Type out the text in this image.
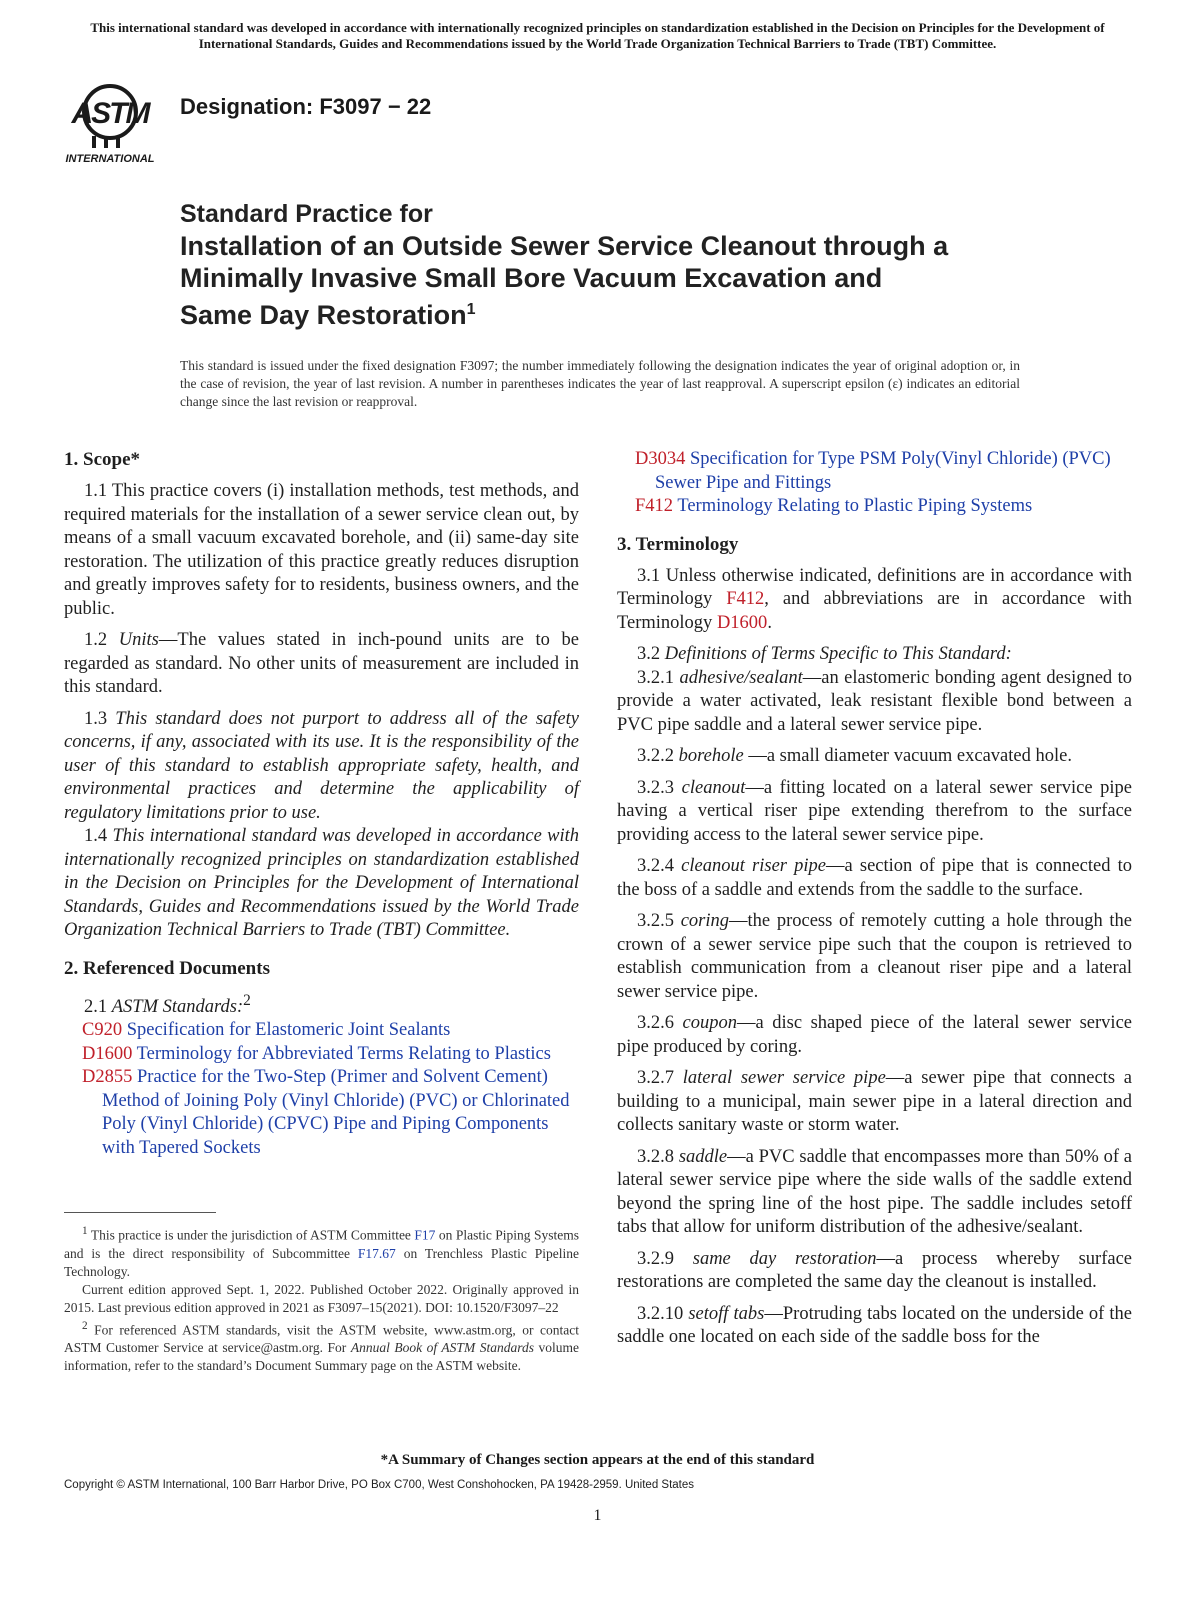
This international standard was developed in accordance with internationally recognized principles on standardization established in the Decision on Principles for the Development of International Standards, Guides and Recommendations issued by the World Trade Organization Technical Barriers to Trade (TBT) Committee.
ASTM
INTERNATIONAL
Designation: F3097 − 22
Standard Practice for
Installation of an Outside Sewer Service Cleanout through a
Minimally Invasive Small Bore Vacuum Excavation and
Same Day Restoration$^1$

This standard is issued under the fixed designation F3097; the number immediately following the designation indicates the year of original adoption or, in the case of revision, the year of last revision. A number in parentheses indicates the year of last reapproval. A superscript epsilon (ε) indicates an editorial change since the last revision or reapproval.

1. Scope*

1.1 This practice covers (i) installation methods, test methods, and required materials for the installation of a sewer service clean out, by means of a small vacuum excavated borehole, and (ii) same-day site restoration. The utilization of this practice greatly reduces disruption and greatly improves safety for to residents, business owners, and the public.

1.2 Units—The values stated in inch-pound units are to be regarded as standard. No other units of measurement are included in this standard.

1.3 This standard does not purport to address all of the safety concerns, if any, associated with its use. It is the responsibility of the user of this standard to establish appropriate safety, health, and environmental practices and determine the applicability of regulatory limitations prior to use.

1.4 This international standard was developed in accordance with internationally recognized principles on standardization established in the Decision on Principles for the Development of International Standards, Guides and Recommendations issued by the World Trade Organization Technical Barriers to Trade (TBT) Committee.

2. Referenced Documents

2.1 ASTM Standards:$^2$

C920 Specification for Elastomeric Joint Sealants

D1600 Terminology for Abbreviated Terms Relating to Plastics

D2855 Practice for the Two-Step (Primer and Solvent Cement) Method of Joining Poly (Vinyl Chloride) (PVC) or Chlorinated Poly (Vinyl Chloride) (CPVC) Pipe and Piping Components with Tapered Sockets

D3034 Specification for Type PSM Poly(Vinyl Chloride) (PVC) Sewer Pipe and Fittings

F412 Terminology Relating to Plastic Piping Systems

3. Terminology

3.1 Unless otherwise indicated, definitions are in accordance with Terminology F412, and abbreviations are in accordance with Terminology D1600.

3.2 Definitions of Terms Specific to This Standard:

3.2.1 adhesive/sealant—an elastomeric bonding agent designed to provide a water activated, leak resistant flexible bond between a PVC pipe saddle and a lateral sewer service pipe.

3.2.2 borehole —a small diameter vacuum excavated hole.

3.2.3 cleanout—a fitting located on a lateral sewer service pipe having a vertical riser pipe extending therefrom to the surface providing access to the lateral sewer service pipe.

3.2.4 cleanout riser pipe—a section of pipe that is connected to the boss of a saddle and extends from the saddle to the surface.

3.2.5 coring—the process of remotely cutting a hole through the crown of a sewer service pipe such that the coupon is retrieved to establish communication from a cleanout riser pipe and a lateral sewer service pipe.

3.2.6 coupon—a disc shaped piece of the lateral sewer service pipe produced by coring.

3.2.7 lateral sewer service pipe—a sewer pipe that connects a building to a municipal, main sewer pipe in a lateral direction and collects sanitary waste or storm water.

3.2.8 saddle—a PVC saddle that encompasses more than 50% of a lateral sewer service pipe where the side walls of the saddle extend beyond the spring line of the host pipe. The saddle includes setoff tabs that allow for uniform distribution of the adhesive/sealant.

3.2.9 same day restoration—a process whereby surface restorations are completed the same day the cleanout is installed.

3.2.10 setoff tabs—Protruding tabs located on the underside of the saddle one located on each side of the saddle boss for the

$^1$ This practice is under the jurisdiction of ASTM Committee F17 on Plastic Piping Systems and is the direct responsibility of Subcommittee F17.67 on Trenchless Plastic Pipeline Technology.

Current edition approved Sept. 1, 2022. Published October 2022. Originally approved in 2015. Last previous edition approved in 2021 as F3097–15(2021). DOI: 10.1520/F3097–22

$^2$ For referenced ASTM standards, visit the ASTM website, www.astm.org, or contact ASTM Customer Service at service@astm.org. For Annual Book of ASTM Standards volume information, refer to the standard’s Document Summary page on the ASTM website.

*A Summary of Changes section appears at the end of this standard
Copyright © ASTM International, 100 Barr Harbor Drive, PO Box C700, West Conshohocken, PA 19428-2959. United States
1
